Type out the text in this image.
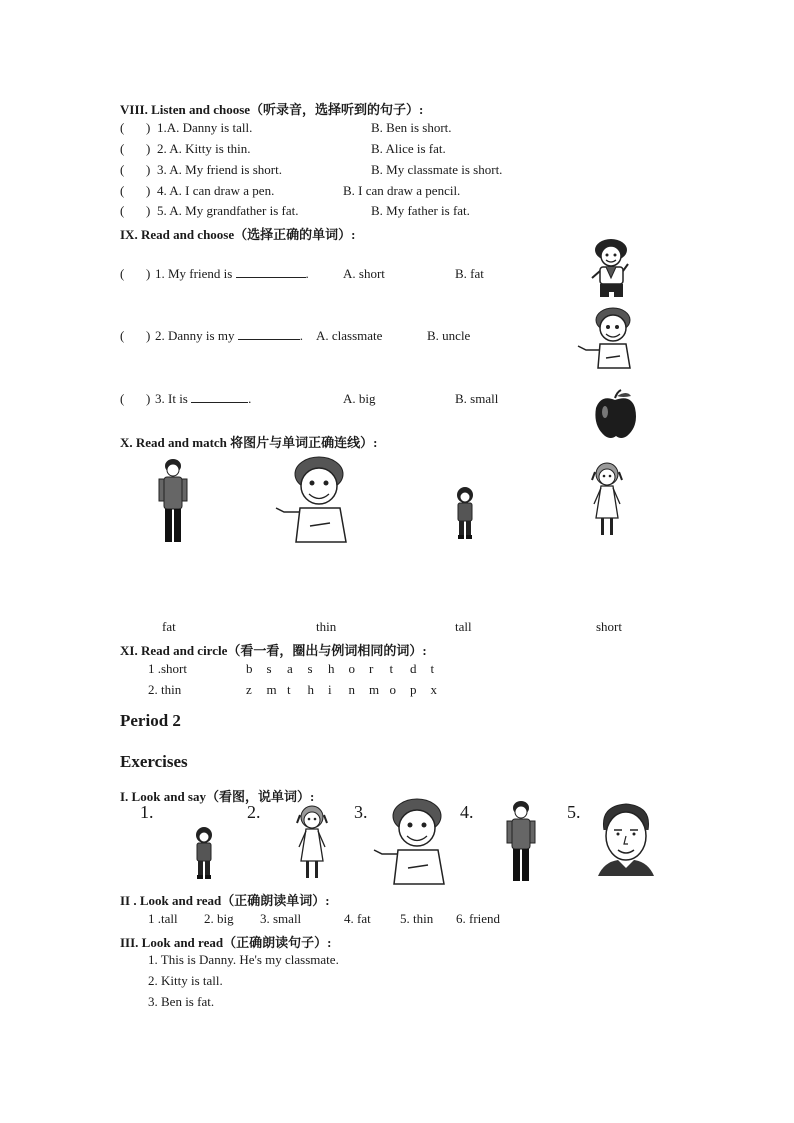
VIII. Listen and choose（听录音，选择听到的句子）:
( ) 1.A. Danny is tall.	B. Ben is short.
( ) 2. A. Kitty is thin.	B. Alice is fat.
( ) 3. A. My friend is short.	B. My classmate is short.
( ) 4. A. I can draw a pen.	B. I can draw a pencil.
( ) 5. A. My grandfather is fat.	B. My father is fat.
IX. Read and choose（选择正确的单词）:
( ) 1. My friend is	.	A. short	B. fat
( ) 2. Danny is my	. A. classmate	B. uncle
( ) 3. It is	.	A. big	B. small
X. Read and match 将图片与单词正确连线）:
fat	thin	tall	short
XI. Read and circle（看一看，圈出与例词相同的词）:
1 .short	b s a s h o r t d t
2. thin	z m t h i n m o p x
Period 2
Exercises
I. Look and say（看图，说单词）:
1.	2.	3.	4.	5.
II . Look and read（正确朗读单词）:
1 .tall 2. big 3. small	4. fat 5. thin 6. friend
III. Look and read（正确朗读句子）:
1. This is Danny. He's my classmate.
2. Kitty is tall.
3. Ben is fat.
